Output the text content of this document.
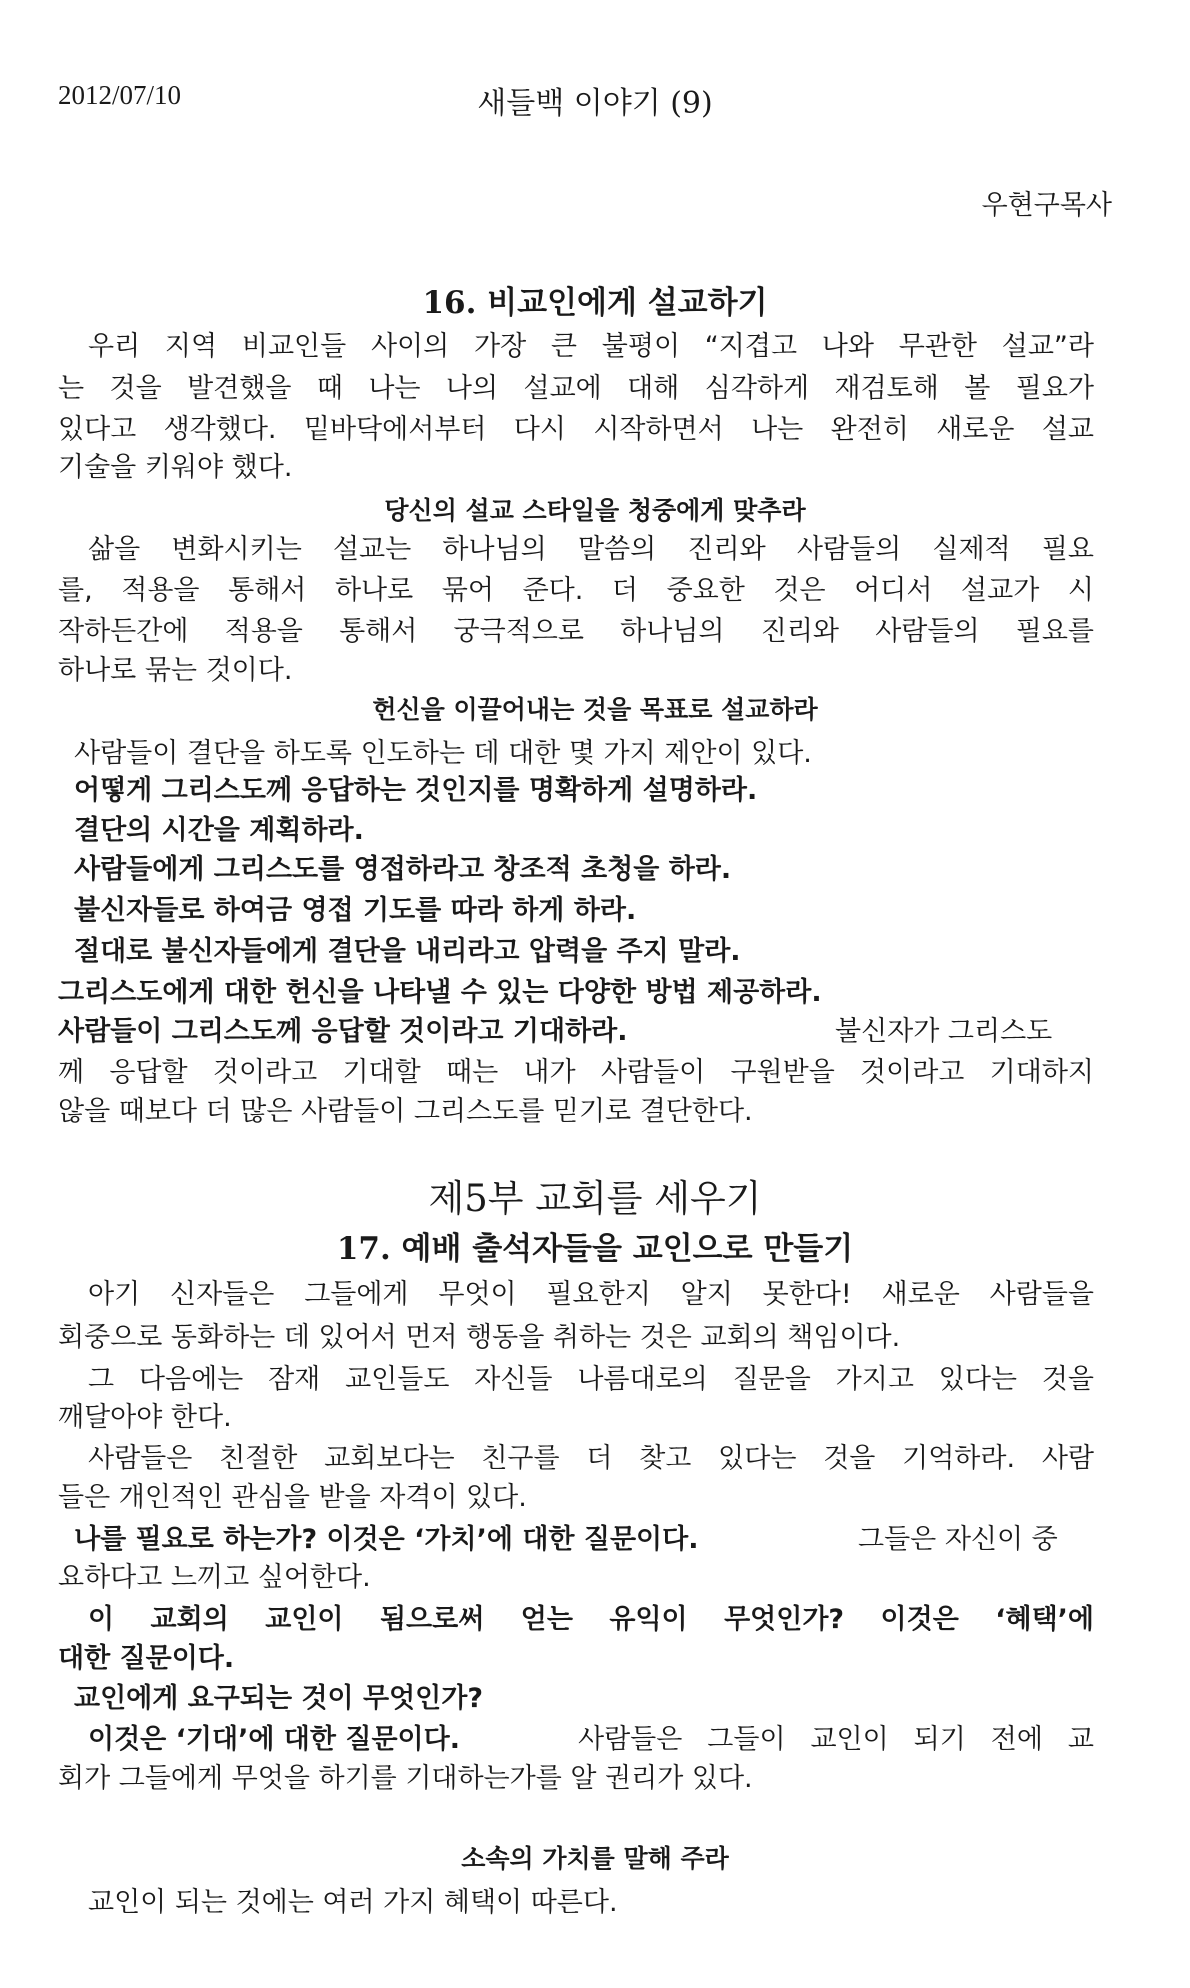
2012/07/10	새들백 이야기 (9)
우현구목사
16. 비교인에게 설교하기
우리 지역 비교인들 사이의 가장 큰 불평이 “지겹고 나와 무관한 설교”라
는 것을 발견했을 때 나는 나의 설교에 대해 심각하게 재검토해 볼 필요가
있다고 생각했다. 밑바닥에서부터 다시 시작하면서 나는 완전히 새로운 설교
기술을 키워야 했다.
당신의 설교 스타일을 청중에게 맞추라
삶을 변화시키는 설교는 하나님의 말씀의 진리와 사람들의 실제적 필요
를, 적용을 통해서 하나로 묶어 준다. 더 중요한 것은 어디서 설교가 시
작하든간에 적용을 통해서 궁극적으로 하나님의 진리와 사람들의 필요를
하나로 묶는 것이다.
헌신을 이끌어내는 것을 목표로 설교하라
사람들이 결단을 하도록 인도하는 데 대한 몇 가지 제안이 있다.
어떻게 그리스도께 응답하는 것인지를 명확하게 설명하라.
결단의 시간을 계획하라.
사람들에게 그리스도를 영접하라고 창조적 초청을 하라.
불신자들로 하여금 영접 기도를 따라 하게 하라.
절대로 불신자들에게 결단을 내리라고 압력을 주지 말라.
그리스도에게 대한 헌신을 나타낼 수 있는 다양한 방법 제공하라.
사람들이 그리스도께 응답할 것이라고 기대하라.	불신자가 그리스도
께 응답할 것이라고 기대할 때는 내가 사람들이 구원받을 것이라고 기대하지
않을 때보다 더 많은 사람들이 그리스도를 믿기로 결단한다.
제5부 교회를 세우기
17. 예배 출석자들을 교인으로 만들기
아기 신자들은 그들에게 무엇이 필요한지 알지 못한다! 새로운 사람들을
회중으로 동화하는 데 있어서 먼저 행동을 취하는 것은 교회의 책임이다.
그 다음에는 잠재 교인들도 자신들 나름대로의 질문을 가지고 있다는 것을
깨달아야 한다.
사람들은 친절한 교회보다는 친구를 더 찾고 있다는 것을 기억하라. 사람
들은 개인적인 관심을 받을 자격이 있다.
나를 필요로 하는가? 이것은 ‘가치’에 대한 질문이다.	그들은 자신이 중
요하다고 느끼고 싶어한다.
이 교회의 교인이 됨으로써 얻는 유익이 무엇인가? 이것은 ‘혜택’에
대한 질문이다.
교인에게 요구되는 것이 무엇인가?
이것은 ‘기대’에 대한 질문이다.	사람들은 그들이 교인이 되기 전에 교
회가 그들에게 무엇을 하기를 기대하는가를 알 권리가 있다.
소속의 가치를 말해 주라
교인이 되는 것에는 여러 가지 혜택이 따른다.
